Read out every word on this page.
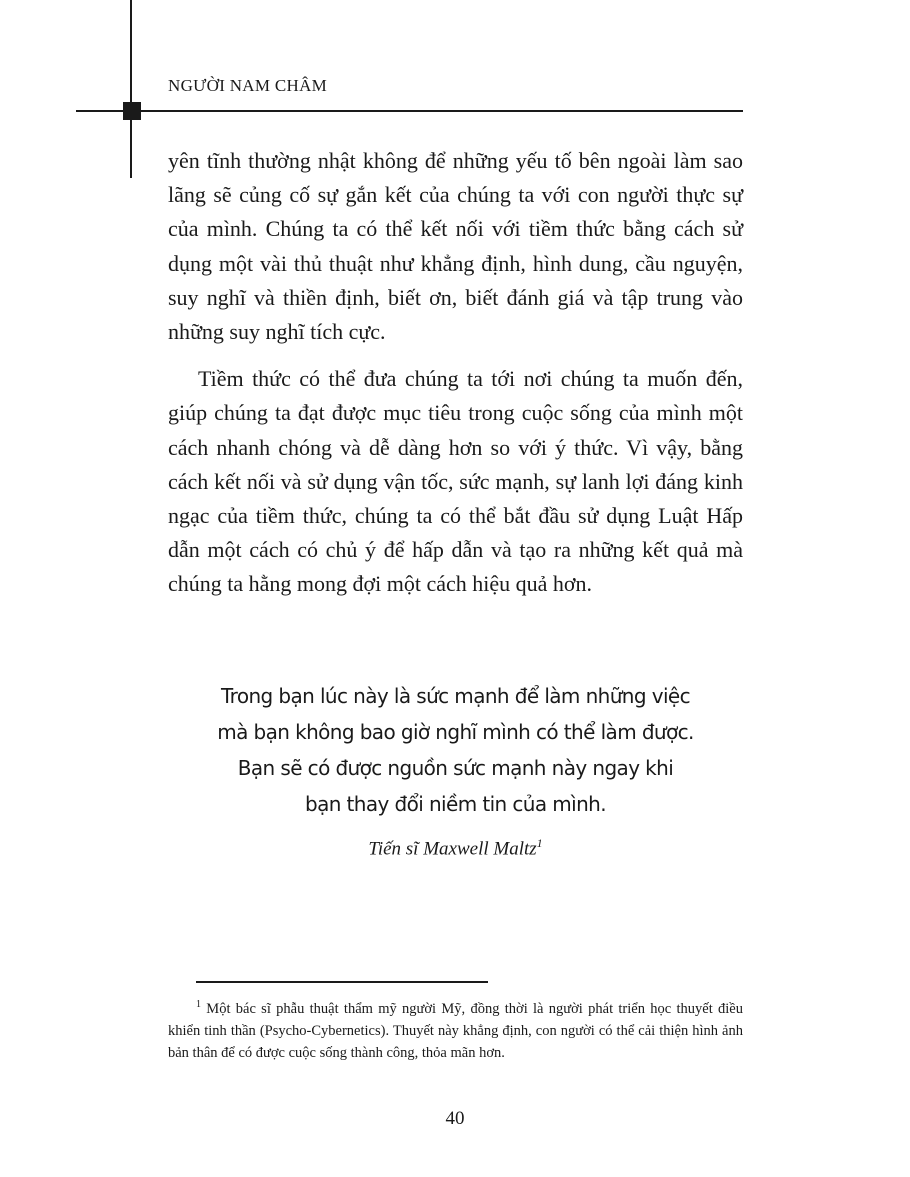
NGƯỜI NAM CHÂM

yên tĩnh thường nhật không để những yếu tố bên ngoài làm sao lãng sẽ củng cố sự gắn kết của chúng ta với con người thực sự của mình. Chúng ta có thể kết nối với tiềm thức bằng cách sử dụng một vài thủ thuật như khẳng định, hình dung, cầu nguyện, suy nghĩ và thiền định, biết ơn, biết đánh giá và tập trung vào những suy nghĩ tích cực.

Tiềm thức có thể đưa chúng ta tới nơi chúng ta muốn đến, giúp chúng ta đạt được mục tiêu trong cuộc sống của mình một cách nhanh chóng và dễ dàng hơn so với ý thức. Vì vậy, bằng cách kết nối và sử dụng vận tốc, sức mạnh, sự lanh lợi đáng kinh ngạc của tiềm thức, chúng ta có thể bắt đầu sử dụng Luật Hấp dẫn một cách có chủ ý để hấp dẫn và tạo ra những kết quả mà chúng ta hằng mong đợi một cách hiệu quả hơn.

Trong bạn lúc này là sức mạnh để làm những việc
mà bạn không bao giờ nghĩ mình có thể làm được.
Bạn sẽ có được nguồn sức mạnh này ngay khi
bạn thay đổi niềm tin của mình.
Tiến sĩ Maxwell Maltz$^1$

$^1$ Một bác sĩ phẫu thuật thẩm mỹ người Mỹ, đồng thời là người phát triển học thuyết điều khiển tinh thần (Psycho-Cybernetics). Thuyết này khẳng định, con người có thể cải thiện hình ảnh bản thân để có được cuộc sống thành công, thỏa mãn hơn.

40
